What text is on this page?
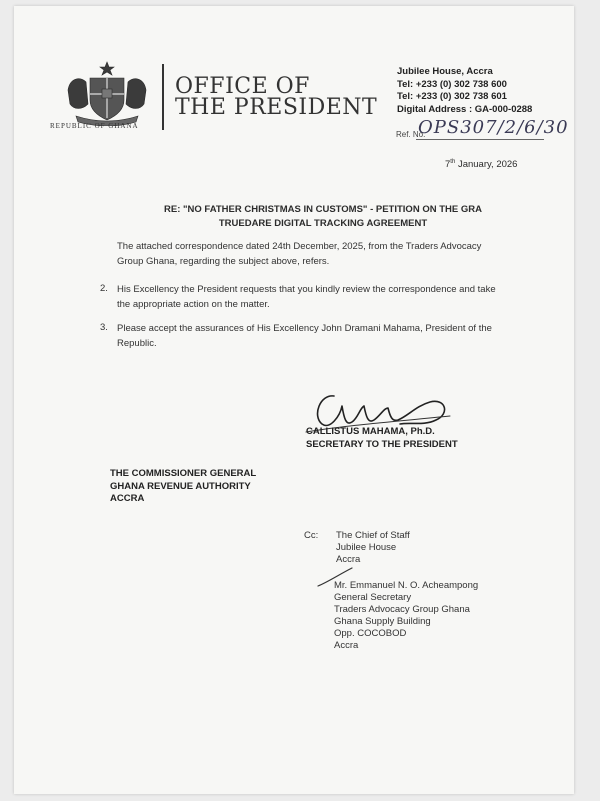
REPUBLIC OF GHANA
OFFICE OF
THE PRESIDENT
Jubilee House, Accra
Tel: +233 (0) 302 738 600
Tel: +233 (0) 302 738 601
Digital Address : GA-000-0288
Ref. No.
OPS307/2/6/30
7th January, 2026
RE: "NO FATHER CHRISTMAS IN CUSTOMS" - PETITION ON THE GRA
TRUEDARE DIGITAL TRACKING AGREEMENT
The attached correspondence dated 24th December, 2025, from the Traders Advocacy
Group Ghana, regarding the subject above, refers.
2. His Excellency the President requests that you kindly review the correspondence and take
the appropriate action on the matter.
3. Please accept the assurances of His Excellency John Dramani Mahama, President of the
Republic.
CALLISTUS MAHAMA, Ph.D.
SECRETARY TO THE PRESIDENT
THE COMMISSIONER GENERAL
GHANA REVENUE AUTHORITY
ACCRA
Cc: The Chief of Staff
Jubilee House
Accra
Mr. Emmanuel N. O. Acheampong
General Secretary
Traders Advocacy Group Ghana
Ghana Supply Building
Opp. COCOBOD
Accra
